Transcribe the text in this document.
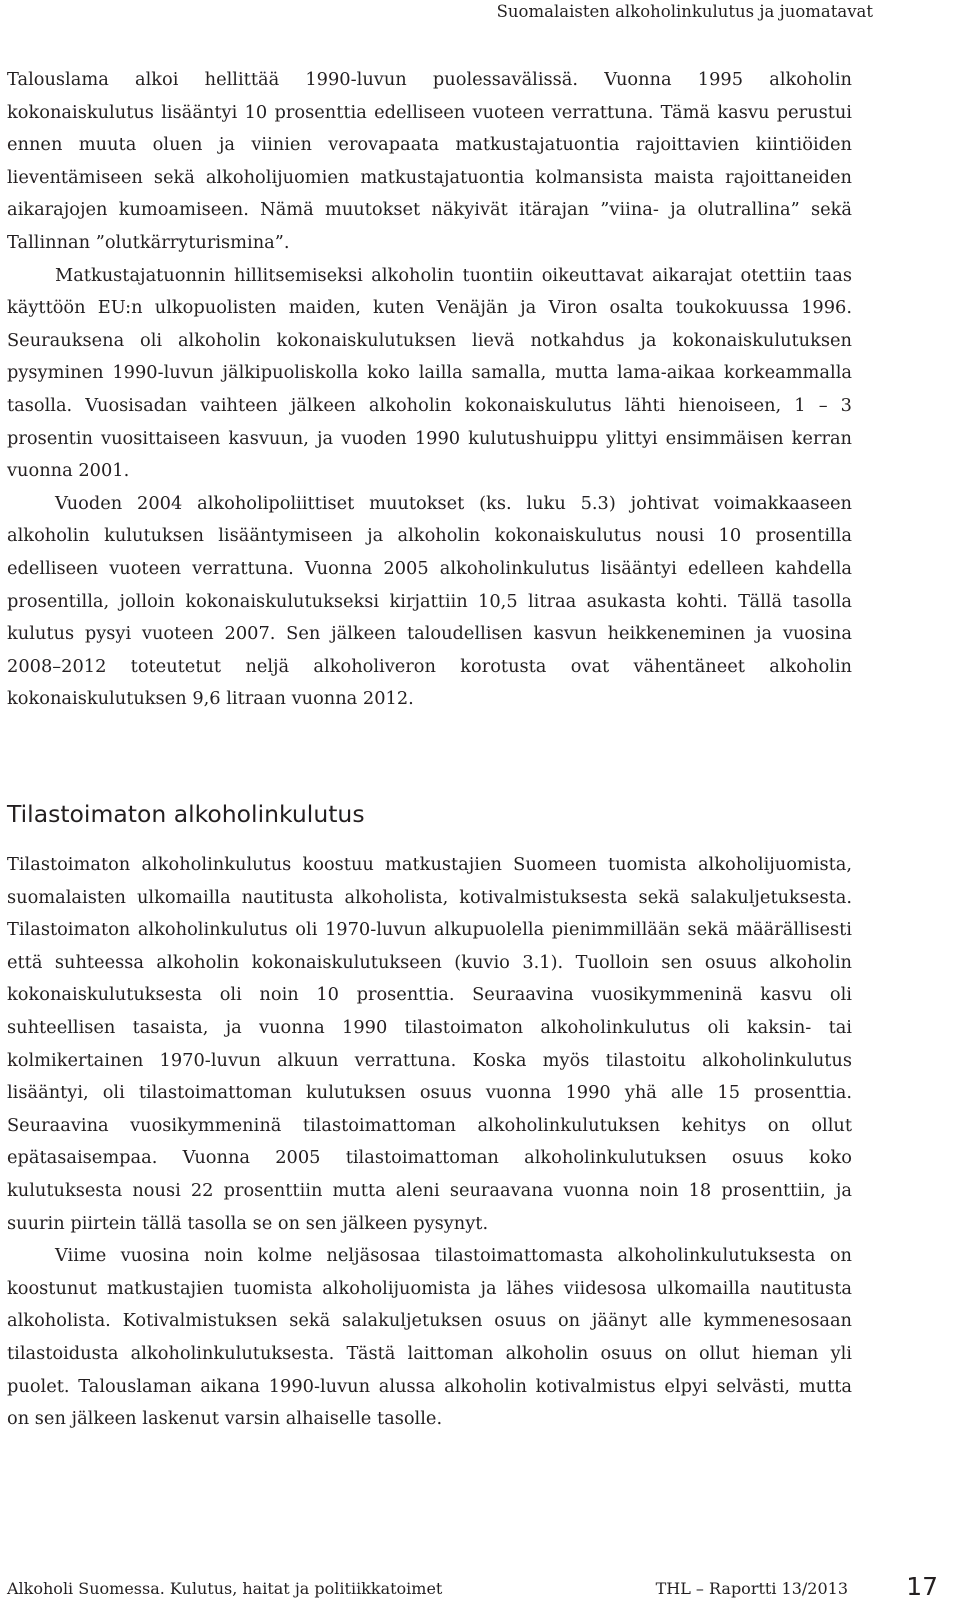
Suomalaisten alkoholinkulutus ja juomatavat

Talouslama alkoi hellittää 1990-luvun puolessavälissä. Vuonna 1995 alkoholin kokonaiskulutus lisääntyi 10 prosenttia edelliseen vuoteen verrattuna. Tämä kasvu perustui ennen muuta oluen ja viinien verovapaata matkustajatuontia rajoittavien kiintiöiden lieventämiseen sekä alkoholijuomien matkustajatuontia kolmansista maista rajoittaneiden aikarajojen kumoamiseen. Nämä muutokset näkyivät itärajan ”viina- ja olutrallina” sekä Tallinnan ”olutkärryturismina”.

Matkustajatuonnin hillitsemiseksi alkoholin tuontiin oikeuttavat aikarajat otettiin taas käyttöön EU:n ulkopuolisten maiden, kuten Venäjän ja Viron osalta toukokuussa 1996. Seurauksena oli alkoholin kokonaiskulutuksen lievä notkahdus ja kokonaiskulutuksen pysyminen 1990-luvun jälkipuoliskolla koko lailla samalla, mutta lama-aikaa korkeammalla tasolla. Vuosisadan vaihteen jälkeen alkoholin kokonaiskulutus lähti hienoiseen, 1 – 3 prosentin vuosittaiseen kasvuun, ja vuoden 1990 kulutushuippu ylittyi ensimmäisen kerran vuonna 2001.

Vuoden 2004 alkoholipoliittiset muutokset (ks. luku 5.3) johtivat voimakkaaseen alkoholin kulutuksen lisääntymiseen ja alkoholin kokonaiskulutus nousi 10 prosentilla edelliseen vuoteen verrattuna. Vuonna 2005 alkoholinkulutus lisääntyi edelleen kahdella prosentilla, jolloin kokonaiskulutukseksi kirjattiin 10,5 litraa asukasta kohti. Tällä tasolla kulutus pysyi vuoteen 2007. Sen jälkeen taloudellisen kasvun heikkeneminen ja vuosina 2008–2012 toteutetut neljä alkoholiveron korotusta ovat vähentäneet alkoholin kokonaiskulutuksen 9,6 litraan vuonna 2012.

Tilastoimaton alkoholinkulutus

Tilastoimaton alkoholinkulutus koostuu matkustajien Suomeen tuomista alkoholijuomista, suomalaisten ulkomailla nautitusta alkoholista, kotivalmistuksesta sekä salakuljetuksesta. Tilastoimaton alkoholinkulutus oli 1970-luvun alkupuolella pienimmillään sekä määrällisesti että suhteessa alkoholin kokonaiskulutukseen (kuvio 3.1). Tuolloin sen osuus alkoholin kokonaiskulutuksesta oli noin 10 prosenttia. Seuraavina vuosikymmeninä kasvu oli suhteellisen tasaista, ja vuonna 1990 tilastoimaton alkoholinkulutus oli kaksin- tai kolmikertainen 1970-luvun alkuun verrattuna. Koska myös tilastoitu alkoholinkulutus lisääntyi, oli tilastoimattoman kulutuksen osuus vuonna 1990 yhä alle 15 prosenttia. Seuraavina vuosikymmeninä tilastoimattoman alkoholinkulutuksen kehitys on ollut epätasaisempaa. Vuonna 2005 tilastoimattoman alkoholinkulutuksen osuus koko kulutuksesta nousi 22 prosenttiin mutta aleni seuraavana vuonna noin 18 prosenttiin, ja suurin piirtein tällä tasolla se on sen jälkeen pysynyt.

Viime vuosina noin kolme neljäsosaa tilastoimattomasta alkoholinkulutuksesta on koostunut matkustajien tuomista alkoholijuomista ja lähes viidesosa ulkomailla nautitusta alkoholista. Kotivalmistuksen sekä salakuljetuksen osuus on jäänyt alle kymmenesosaan tilastoidusta alkoholinkulutuksesta. Tästä laittoman alkoholin osuus on ollut hieman yli puolet. Talouslaman aikana 1990-luvun alussa alkoholin kotivalmistus elpyi selvästi, mutta on sen jälkeen laskenut varsin alhaiselle tasolle.

Alkoholi Suomessa. Kulutus, haitat ja politiikkatoimet	THL – Raportti 13/2013 17
